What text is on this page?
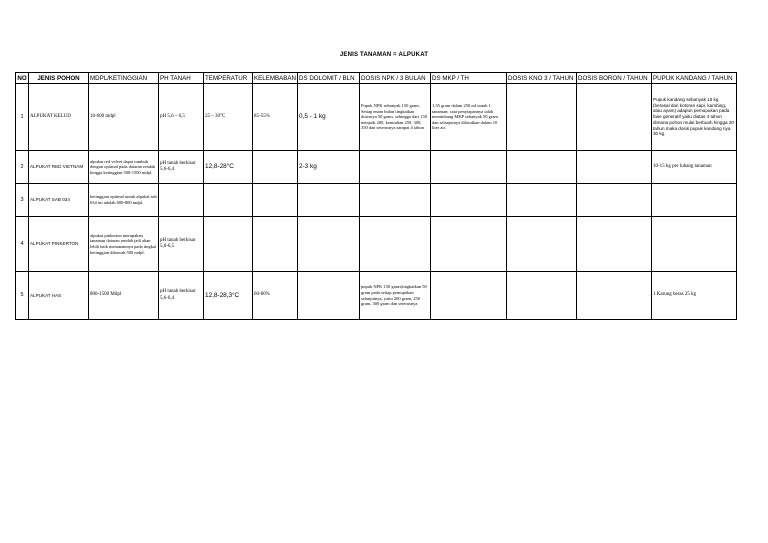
JENIS TANAMAN = ALPUKAT
NO	JENIS POHON	MDPL/KETINGGIAN	PH TANAH	TEMPERATUR	KELEMBABAN	DS DOLOMIT / BLN	DOSIS NPK / 3 BULAN	DS MKP / TH	DOSIS KNO 3 / TAHUN	DOSIS BORON / TAHUN	PUPUK KANDANG / TAHUN
1	ALPUKAT KELUD	10-600 mdpl	pH 5,6 – 6,5	25 – 30°C	85-55%	0,5 - 1 kg	Pupuk NPK sebanyak 150 gram. Setiap enam bulan tingkatkan dosisnya 50 gram, sehingga dari 150 menjadi 200, kemudian 250, 300, 350 dan seterusnya sampai 4 tahun	1,35 gram dalam 250 ml untuk 1 tanaman; cara penyiapannya ialah menimbang MKP sebanyak 50 gram dan selanjutnya dilarutkan dalam 10 liter air.			Pupuk kandang sebanyak 15 kg (berasal dari kotoran sapi, kambing, atau ayam) adapun pemupukan pada fase generatif yaitu diatas 4 tahun dimana pohon mulai berbuah hingga 20 tahun maka dosis pupuk kandang nya 30 kg.
2	ALPUKAT RED VIETNAM	alpukat red velvet dapat tumbuh dengan optimal pada dataran rendah hingga ketinggian 500-1500 mdpl.	pH tanah berkisar 5,6-6,4	12,8-28°C		2-3 kg					10-15 kg per lubang tanaman
3	ALPUKAT SAB 034	ketinggian optimal untuk alpukat sab 034 ini adalah 600-800 mdpl.									
4	ALPUKAT PINKERTON	alpukat pinkerton merupakan tanaman dataran rendah jadi akan lebih baik menanamnya pada tingkat ketinggian dibawah 500 mdpl.	pH tanah berkisar 5,0-6,5								
5	ALPUKAT HAS	800-1500 Mdpl	pH tanah berkisar 5,6-6,4	12,8-28,3°C	60-80%		pupuk NPK 150 gram(tingkatkan 50 gram pada setiap pemupukan selanjutnya, yaitu 200 gram, 250 gram, 300 gram dan seterusnya				1 Karung beras 25 kg
